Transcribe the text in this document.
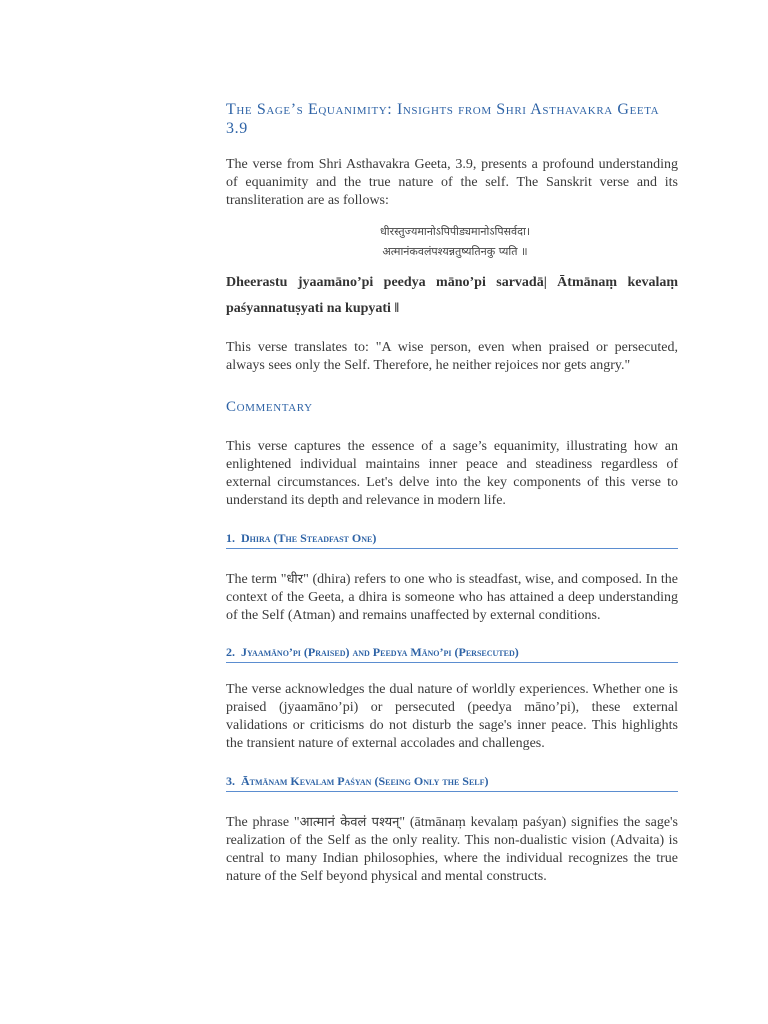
The Sage’s Equanimity: Insights from Shri Asthavakra Geeta 3.9

The verse from Shri Asthavakra Geeta, 3.9, presents a profound understanding of equanimity and the true nature of the self. The Sanskrit verse and its transliteration are as follows:

धीरस्तुज्यमानोऽपिपीड्यमानोऽपिसर्वदा।
अत्मानंकवलंपश्यन्नतुष्यतिनकु प्यति ॥

Dheerastu jyaamāno’pi peedya māno’pi sarvadā| Ātmānaṃ kevalaṃ paśyannatuṣyati na kupyati ‖

This verse translates to: "A wise person, even when praised or persecuted, always sees only the Self. Therefore, he neither rejoices nor gets angry."

Commentary

This verse captures the essence of a sage’s equanimity, illustrating how an enlightened individual maintains inner peace and steadiness regardless of external circumstances. Let's delve into the key components of this verse to understand its depth and relevance in modern life.

1. Dhira (The Steadfast One)

The term "धीर" (dhira) refers to one who is steadfast, wise, and composed. In the context of the Geeta, a dhira is someone who has attained a deep understanding of the Self (Atman) and remains unaffected by external conditions.

2. Jyaamāno’pi (Praised) and Peedya Māno’pi (Persecuted)

The verse acknowledges the dual nature of worldly experiences. Whether one is praised (jyaamāno’pi) or persecuted (peedya māno’pi), these external validations or criticisms do not disturb the sage's inner peace. This highlights the transient nature of external accolades and challenges.

3. Ātmānam Kevalam Paśyan (Seeing Only the Self)

The phrase "आत्मानं केवलं पश्यन्" (ātmānaṃ kevalaṃ paśyan) signifies the sage's realization of the Self as the only reality. This non-dualistic vision (Advaita) is central to many Indian philosophies, where the individual recognizes the true nature of the Self beyond physical and mental constructs.
